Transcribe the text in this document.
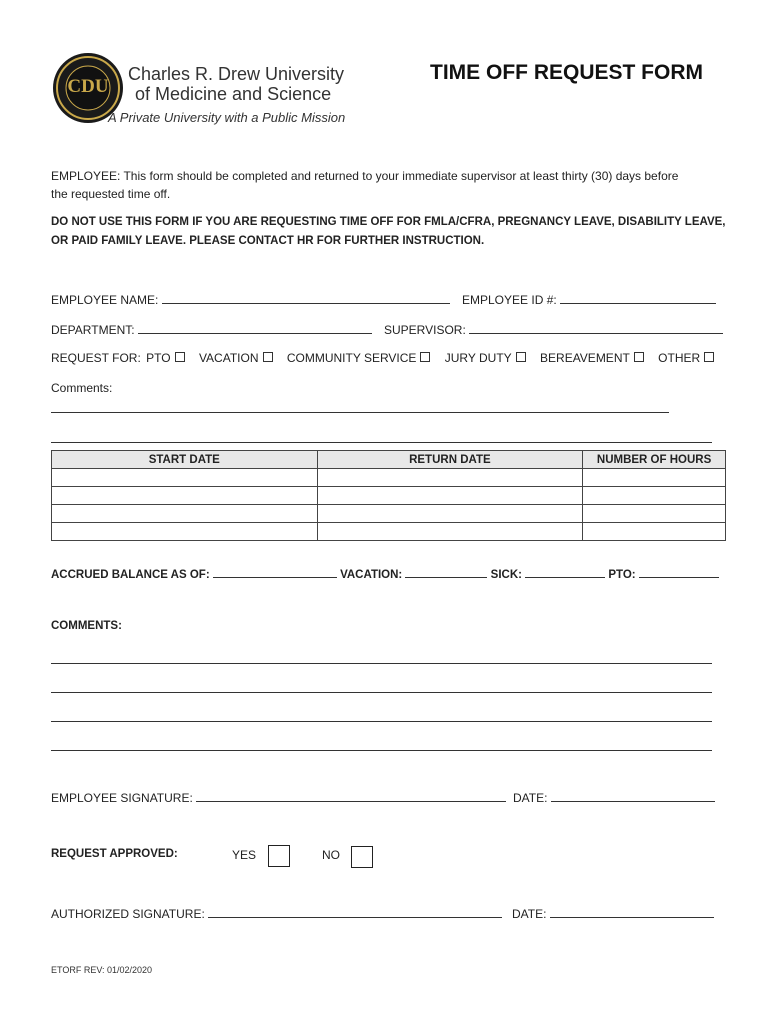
CDU
Charles R. Drew University
of Medicine and Science
A Private University with a Public Mission
TIME OFF REQUEST FORM
EMPLOYEE: This form should be completed and returned to your immediate supervisor at least thirty (30) days before
the requested time off.
DO NOT USE THIS FORM IF YOU ARE REQUESTING TIME OFF FOR FMLA/CFRA, PREGNANCY LEAVE, DISABILITY LEAVE,
OR PAID FAMILY LEAVE. PLEASE CONTACT HR FOR FURTHER INSTRUCTION.
EMPLOYEE NAME:	EMPLOYEE ID #:
DEPARTMENT:	SUPERVISOR:
REQUEST FOR: PTO VACATION COMMUNITY SERVICE JURY DUTY BEREAVEMENT OTHER
Comments:
START DATE	RETURN DATE	NUMBER OF HOURS

ACCRUED BALANCE AS OF:	VACATION:	SICK:	PTO:
COMMENTS:
EMPLOYEE SIGNATURE:	DATE:
REQUEST APPROVED:	YES	NO
AUTHORIZED SIGNATURE:	DATE:
ETORF REV: 01/02/2020
